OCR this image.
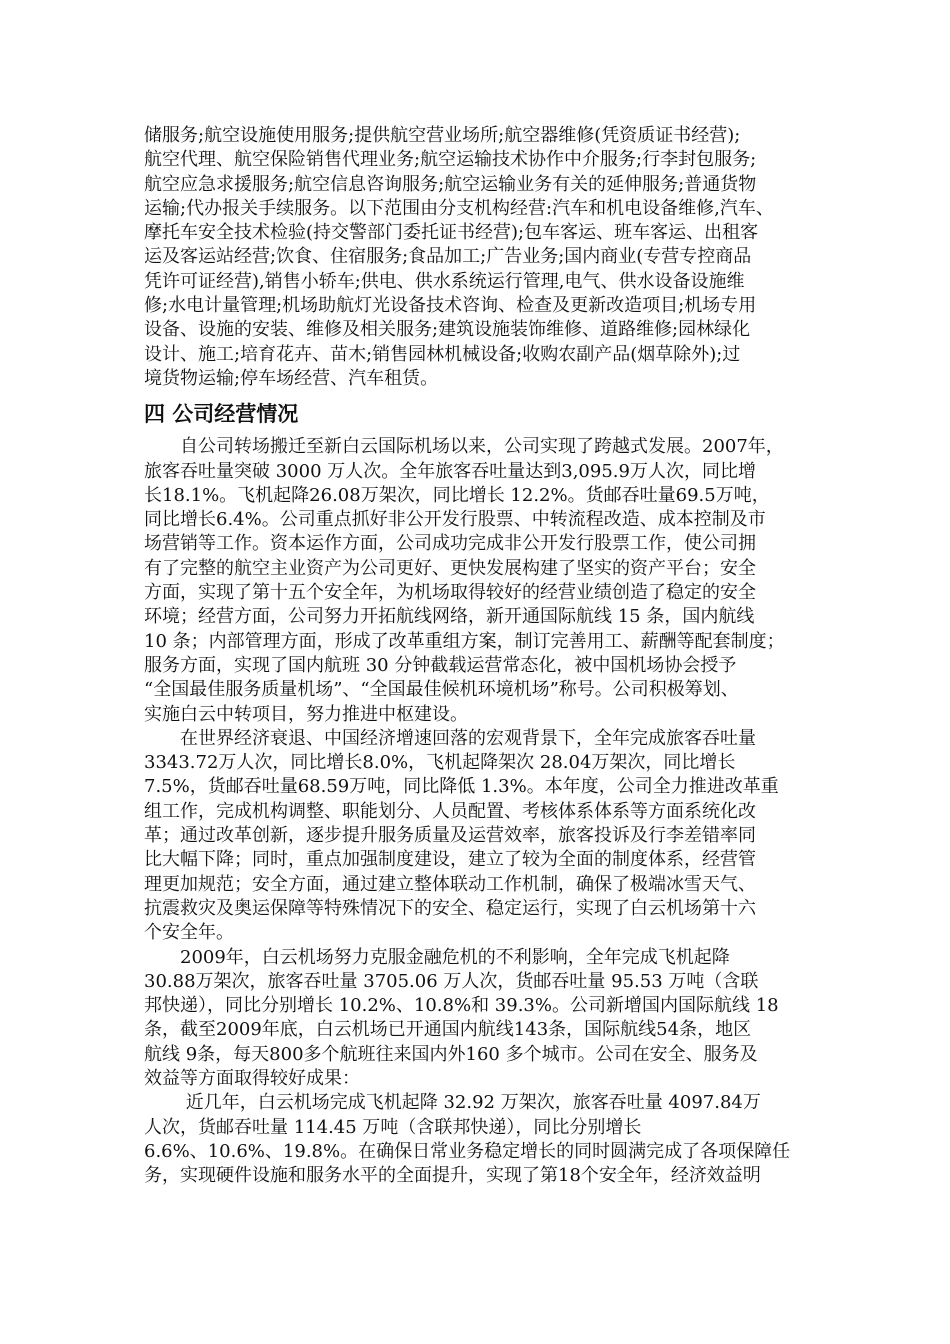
储服务;航空设施使用服务;提供航空营业场所;航空器维修(凭资质证书经营);
航空代理、航空保险销售代理业务;航空运输技术协作中介服务;行李封包服务;
航空应急求援服务;航空信息咨询服务;航空运输业务有关的延伸服务;普通货物
运输;代办报关手续服务。以下范围由分支机构经营:汽车和机电设备维修,汽车、
摩托车安全技术检验(持交警部门委托证书经营);包车客运、班车客运、出租客
运及客运站经营;饮食、住宿服务;食品加工;广告业务;国内商业(专营专控商品
凭许可证经营),销售小轿车;供电、供水系统运行管理,电气、供水设备设施维
修;水电计量管理;机场助航灯光设备技术咨询、检查及更新改造项目;机场专用
设备、设施的安装、维修及相关服务;建筑设施装饰维修、道路维修;园林绿化
设计、施工;培育花卉、苗木;销售园林机械设备;收购农副产品(烟草除外);过
境货物运输;停车场经营、汽车租赁。

四 公司经营情况

自公司转场搬迁至新白云国际机场以来，公司实现了跨越式发展。2007年，
旅客吞吐量突破 3000 万人次。全年旅客吞吐量达到3,095.9万人次，同比增
长18.1%。飞机起降26.08万架次，同比增长 12.2%。货邮吞吐量69.5万吨，
同比增长6.4%。公司重点抓好非公开发行股票、中转流程改造、成本控制及市
场营销等工作。资本运作方面，公司成功完成非公开发行股票工作，使公司拥
有了完整的航空主业资产为公司更好、更快发展构建了坚实的资产平台；安全
方面，实现了第十五个安全年，为机场取得较好的经营业绩创造了稳定的安全
环境；经营方面，公司努力开拓航线网络，新开通国际航线 15 条，国内航线
10 条；内部管理方面，形成了改革重组方案，制订完善用工、薪酬等配套制度；
服务方面，实现了国内航班 30 分钟截载运营常态化，被中国机场协会授予
“全国最佳服务质量机场”、“全国最佳候机环境机场”称号。公司积极筹划、
实施白云中转项目，努力推进中枢建设。

在世界经济衰退、中国经济增速回落的宏观背景下，全年完成旅客吞吐量
3343.72万人次，同比增长8.0%，飞机起降架次 28.04万架次，同比增长
7.5%，货邮吞吐量68.59万吨，同比降低 1.3%。本年度，公司全力推进改革重
组工作，完成机构调整、职能划分、人员配置、考核体系体系等方面系统化改
革；通过改革创新，逐步提升服务质量及运营效率，旅客投诉及行李差错率同
比大幅下降；同时，重点加强制度建设，建立了较为全面的制度体系，经营管
理更加规范；安全方面，通过建立整体联动工作机制，确保了极端冰雪天气、
抗震救灾及奥运保障等特殊情况下的安全、稳定运行，实现了白云机场第十六
个安全年。

2009年，白云机场努力克服金融危机的不利影响，全年完成飞机起降
30.88万架次，旅客吞吐量 3705.06 万人次，货邮吞吐量 95.53 万吨（含联
邦快递），同比分别增长 10.2%、10.8%和 39.3%。公司新增国内国际航线 18
条，截至2009年底，白云机场已开通国内航线143条，国际航线54条，地区
航线 9条，每天800多个航班往来国内外160 多个城市。公司在安全、服务及
效益等方面取得较好成果：

近几年，白云机场完成飞机起降 32.92 万架次，旅客吞吐量 4097.84万
人次，货邮吞吐量 114.45 万吨（含联邦快递），同比分别增长
6.6%、10.6%、19.8%。在确保日常业务稳定增长的同时圆满完成了各项保障任
务，实现硬件设施和服务水平的全面提升，实现了第18个安全年，经济效益明
